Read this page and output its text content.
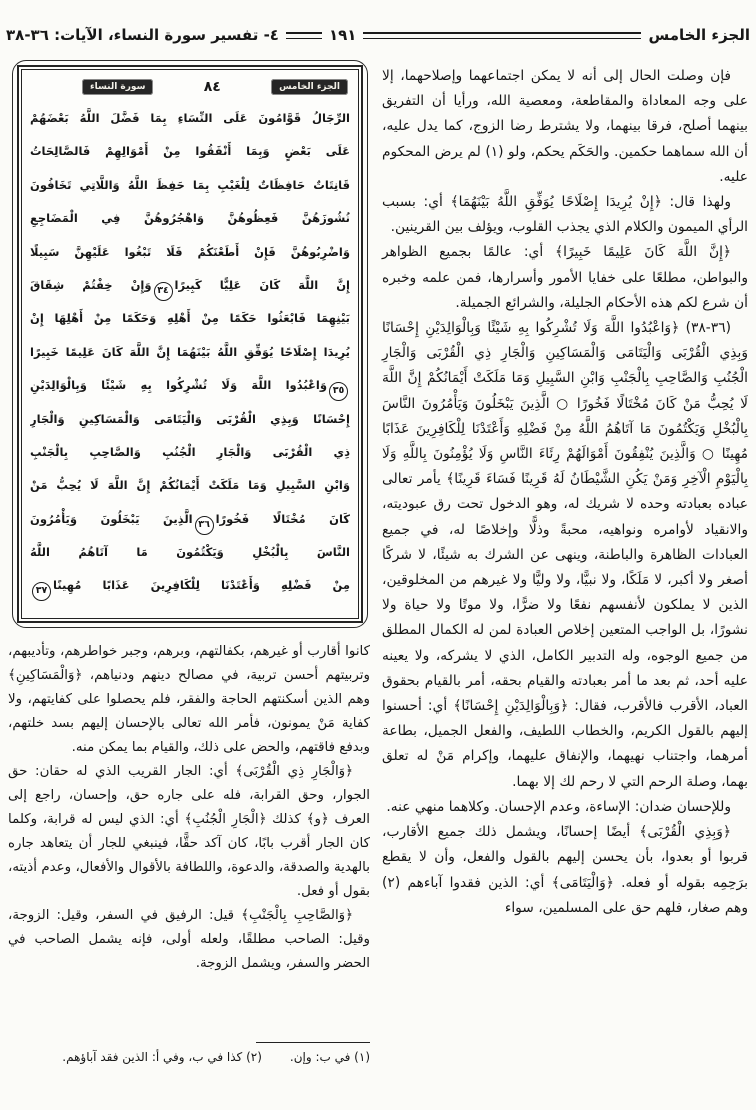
الجزء الخامس
١٩١
٤- تفسير سورة النساء، الآيات: ٣٦-٣٨
الجزء الخامس
٨٤
سورة النساء
الرِّجَالُ قَوَّامُونَ عَلَى النِّسَاءِ بِمَا فَضَّلَ اللَّهُ بَعْضَهُمْ
عَلَى بَعْضٍ وَبِمَا أَنْفَقُوا مِنْ أَمْوَالِهِمْ فَالصَّالِحَاتُ
قَانِتَاتٌ حَافِظَاتٌ لِلْغَيْبِ بِمَا حَفِظَ اللَّهُ وَاللَّاتِي تَخَافُونَ
نُشُوزَهُنَّ فَعِظُوهُنَّ وَاهْجُرُوهُنَّ فِي الْمَضَاجِعِ
وَاضْرِبُوهُنَّ فَإِنْ أَطَعْنَكُمْ فَلَا تَبْغُوا عَلَيْهِنَّ سَبِيلًا
إِنَّ اللَّهَ كَانَ عَلِيًّا كَبِيرًا٣٤وَإِنْ خِفْتُمْ شِقَاقَ
بَيْنِهِمَا فَابْعَثُوا حَكَمًا مِنْ أَهْلِهِ وَحَكَمًا مِنْ أَهْلِهَا إِنْ
يُرِيدَا إِصْلَاحًا يُوَفِّقِ اللَّهُ بَيْنَهُمَا إِنَّ اللَّهَ كَانَ عَلِيمًا خَبِيرًا
٣٥وَاعْبُدُوا اللَّهَ وَلَا تُشْرِكُوا بِهِ شَيْئًا وَبِالْوَالِدَيْنِ
إِحْسَانًا وَبِذِي الْقُرْبَى وَالْيَتَامَى وَالْمَسَاكِينِ وَالْجَارِ
ذِي الْقُرْبَى وَالْجَارِ الْجُنُبِ وَالصَّاحِبِ بِالْجَنْبِ
وَابْنِ السَّبِيلِ وَمَا مَلَكَتْ أَيْمَانُكُمْ إِنَّ اللَّهَ لَا يُحِبُّ مَنْ
كَانَ مُخْتَالًا فَخُورًا٣٦الَّذِينَ يَبْخَلُونَ وَيَأْمُرُونَ
النَّاسَ بِالْبُخْلِ وَيَكْتُمُونَ مَا آتَاهُمُ اللَّهُ
مِنْ فَضْلِهِ وَأَعْتَدْنَا لِلْكَافِرِينَ عَذَابًا مُهِينًا٣٧

فإن وصلت الحال إلى أنه لا يمكن اجتماعهما وإصلاحهما، إلا على وجه المعاداة والمقاطعة، ومعصية الله، ورأيا أن التفريق بينهما أصلح، فرقا بينهما، ولا يشترط رضا الزوج، كما يدل عليه، أن الله سماهما حكمين. والحَكَم يحكم، ولو (١) لم يرض المحكوم عليه.

ولهذا قال: ﴿إِنْ يُرِيدَا إِصْلَاحًا يُوَفِّقِ اللَّهُ بَيْنَهُمَا﴾ أي: بسبب الرأي الميمون والكلام الذي يجذب القلوب، ويؤلف بين القرينين.

﴿إِنَّ اللَّهَ كَانَ عَلِيمًا خَبِيرًا﴾ أي: عالمًا بجميع الظواهر والبواطن، مطلعًا على خفايا الأمور وأسرارها، فمن علمه وخبره أن شرع لكم هذه الأحكام الجليلة، والشرائع الجميلة.

(٣٦-٣٨) ﴿وَاعْبُدُوا اللَّهَ وَلَا تُشْرِكُوا بِهِ شَيْئًا وَبِالْوَالِدَيْنِ إِحْسَانًا وَبِذِي الْقُرْبَى وَالْيَتَامَى وَالْمَسَاكِينِ وَالْجَارِ ذِي الْقُرْبَى وَالْجَارِ الْجُنُبِ وَالصَّاحِبِ بِالْجَنْبِ وَابْنِ السَّبِيلِ وَمَا مَلَكَتْ أَيْمَانُكُمْ إِنَّ اللَّهَ لَا يُحِبُّ مَنْ كَانَ مُخْتَالًا فَخُورًا ○ الَّذِينَ يَبْخَلُونَ وَيَأْمُرُونَ النَّاسَ بِالْبُخْلِ وَيَكْتُمُونَ مَا آتَاهُمُ اللَّهُ مِنْ فَضْلِهِ وَأَعْتَدْنَا لِلْكَافِرِينَ عَذَابًا مُهِينًا ○ وَالَّذِينَ يُنْفِقُونَ أَمْوَالَهُمْ رِئَاءَ النَّاسِ وَلَا يُؤْمِنُونَ بِاللَّهِ وَلَا بِالْيَوْمِ الْآخِرِ وَمَنْ يَكُنِ الشَّيْطَانُ لَهُ قَرِينًا فَسَاءَ قَرِينًا﴾ يأمر تعالى عباده بعبادته وحده لا شريك له، وهو الدخول تحت رق عبوديته، والانقياد لأوامره ونواهيه، محبةً وذلًّا وإخلاصًا له، في جميع العبادات الظاهرة والباطنة، وينهى عن الشرك به شيئًا، لا شركًا أصغر ولا أكبر، لا مَلَكًا، ولا نبيًّا، ولا وليًّا ولا غيرهم من المخلوقين، الذين لا يملكون لأنفسهم نفعًا ولا ضرًّا، ولا موتًا ولا حياة ولا نشورًا، بل الواجب المتعين إخلاص العبادة لمن له الكمال المطلق من جميع الوجوه، وله التدبير الكامل، الذي لا يشركه، ولا يعينه عليه أحد، ثم بعد ما أمر بعبادته والقيام بحقه، أمر بالقيام بحقوق العباد، الأقرب فالأقرب، فقال: ﴿وَبِالْوَالِدَيْنِ إِحْسَانًا﴾ أي: أحسنوا إليهم بالقول الكريم، والخطاب اللطيف، والفعل الجميل، بطاعة أمرهما، واجتناب نهيهما، والإنفاق عليهما، وإكرام مَنْ له تعلق بهما، وصلة الرحم التي لا رحم لك إلا بهما.

وللإحسان ضدان: الإساءة، وعدم الإحسان. وكلاهما منهي عنه.

﴿وَبِذِي الْقُرْبَى﴾ أيضًا إحسانًا، ويشمل ذلك جميع الأقارب، قربوا أو بعدوا، بأن يحسن إليهم بالقول والفعل، وأن لا يقطع برَحِمِه بقوله أو فعله. ﴿وَالْيَتَامَى﴾ أي: الذين فقدوا آباءهم (٢) وهم صغار، فلهم حق على المسلمين، سواء

كانوا أقارب أو غيرهم، بكفالتهم، وبرهم، وجبر خواطرهم، وتأديبهم، وتربيتهم أحسن تربية، في مصالح دينهم ودنياهم، ﴿وَالْمَسَاكِينِ﴾ وهم الذين أسكنتهم الحاجة والفقر، فلم يحصلوا على كفايتهم، ولا كفاية مَنْ يمونون، فأمر الله تعالى بالإحسان إليهم بسد خلتهم، وبدفع فاقتهم، والحض على ذلك، والقيام بما يمكن منه.

﴿وَالْجَارِ ذِي الْقُرْبَى﴾ أي: الجار القريب الذي له حقان: حق الجوار، وحق القرابة، فله على جاره حق، وإحسان، راجع إلى العرف ﴿و﴾ كذلك ﴿الْجَارِ الْجُنُبِ﴾ أي: الذي ليس له قرابة، وكلما كان الجار أقرب بابًا، كان آكد حقًّا، فينبغي للجار أن يتعاهد جاره بالهدية والصدقة، والدعوة، واللطافة بالأقوال والأفعال، وعدم أذيته، بقول أو فعل.

﴿وَالصَّاحِبِ بِالْجَنْبِ﴾ قيل: الرفيق في السفر، وقيل: الزوجة، وقيل: الصاحب مطلقًا، ولعله أولى، فإنه يشمل الصاحب في الحضر والسفر، ويشمل الزوجة.

(١) في ب: وإن.
(٢) كذا في ب، وفي أ: الذين فقد آباؤهم.
